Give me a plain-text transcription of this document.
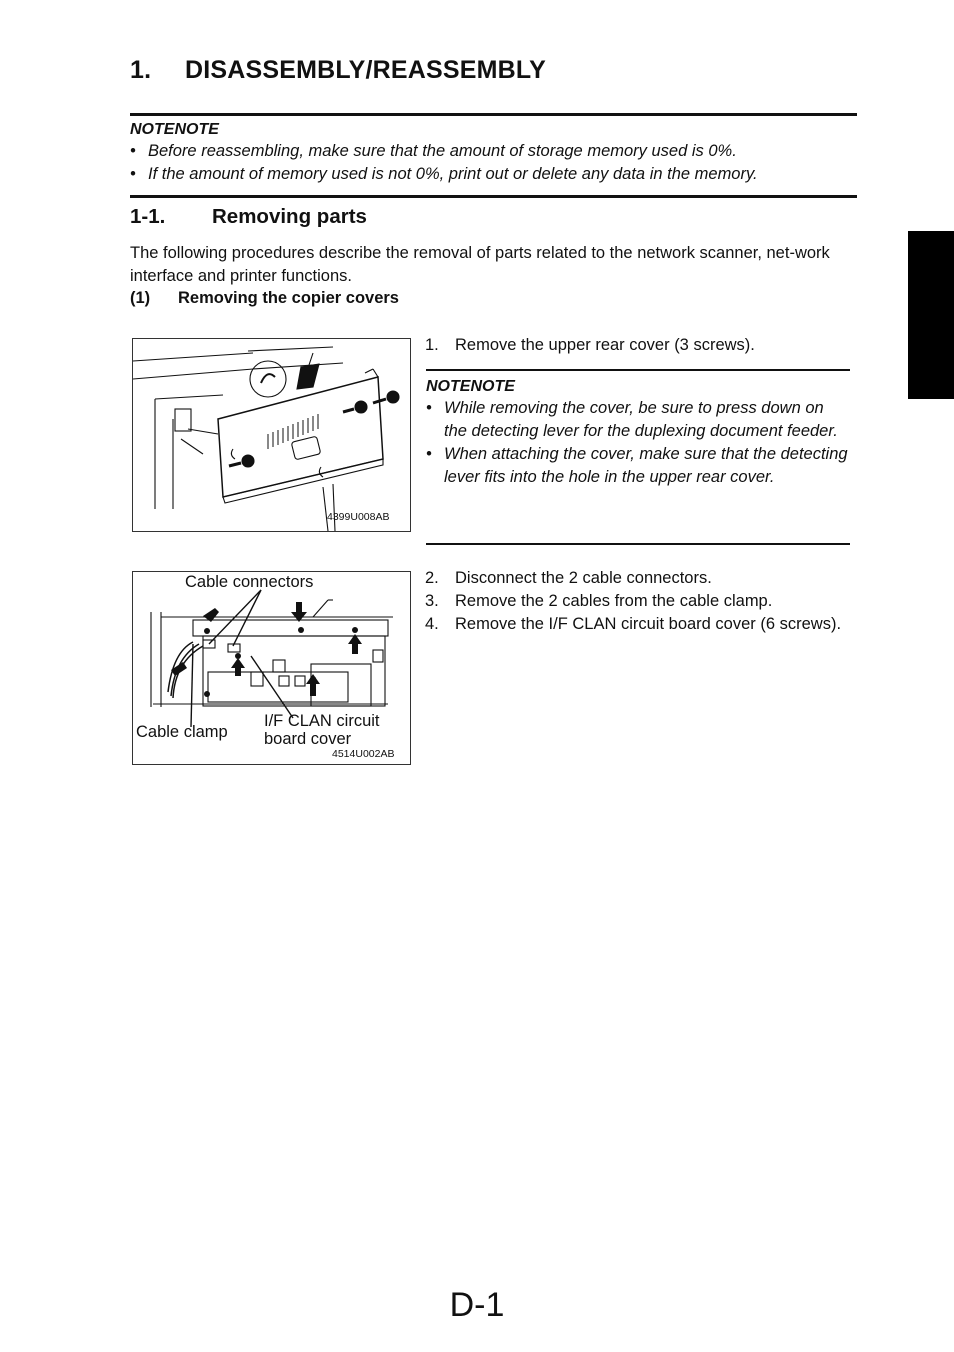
1. DISASSEMBLY/REASSEMBLY
NOTENOTE
• Before reassembling, make sure that the amount of storage memory used is 0%.
• If the amount of memory used is not 0%, print out or delete any data in the memory.
1-1. Removing parts
The following procedures describe the removal of parts related to the network scanner, net-work interface and printer functions.
(1) Removing the copier covers
4399U008AB
1. Remove the upper rear cover (3 screws).
NOTENOTE
• While removing the cover, be sure to press down on the detecting lever for the duplexing document feeder.
• When attaching the cover, make sure that the detecting lever fits into the hole in the upper rear cover.
Cable connectors
Cable clamp
I/F CLAN circuit
board cover
4514U002AB
2. Disconnect the 2 cable connectors.
3. Remove the 2 cables from the cable clamp.
4. Remove the I/F CLAN circuit board cover (6 screws).
D-1
